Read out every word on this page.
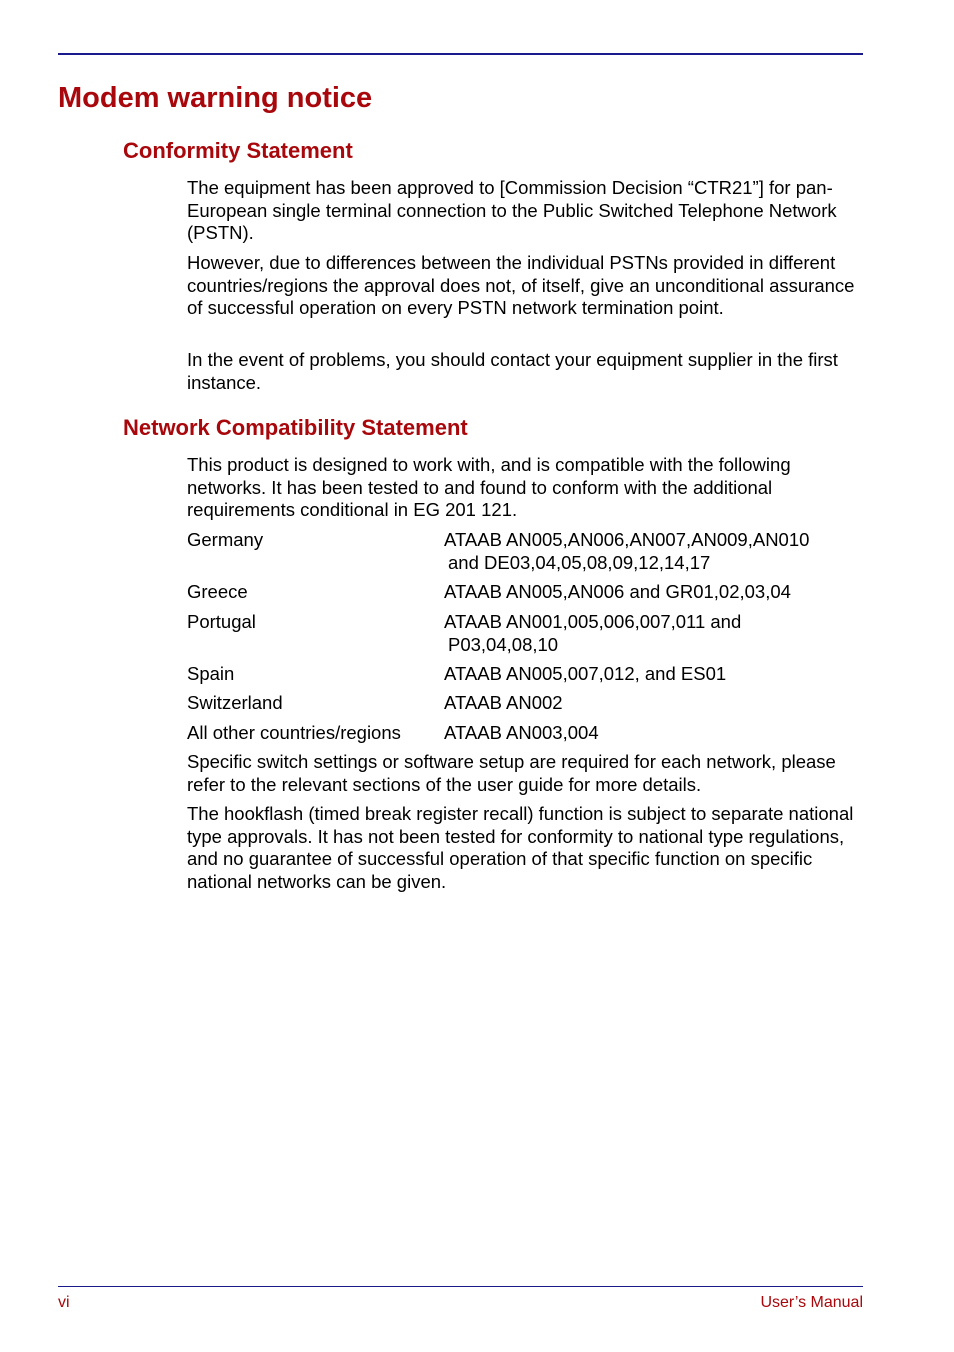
Modem warning notice
Conformity Statement

The equipment has been approved to [Commission Decision “CTR21”] for pan-European single terminal connection to the Public Switched Telephone Network (PSTN).

However, due to differences between the individual PSTNs provided in different countries/regions the approval does not, of itself, give an unconditional assurance of successful operation on every PSTN network termination point.

In the event of problems, you should contact your equipment supplier in the first instance.

Network Compatibility Statement

This product is designed to work with, and is compatible with the following networks. It has been tested to and found to conform with the additional requirements conditional in EG 201 121.

Germany	ATAAB AN005,AN006,AN007,AN009,AN010
and DE03,04,05,08,09,12,14,17
Greece	ATAAB AN005,AN006 and GR01,02,03,04
Portugal	ATAAB AN001,005,006,007,011 and
P03,04,08,10
Spain	ATAAB AN005,007,012, and ES01
Switzerland	ATAAB AN002
All other countries/regions ATAAB AN003,004

Specific switch settings or software setup are required for each network, please refer to the relevant sections of the user guide for more details.

The hookflash (timed break register recall) function is subject to separate national type approvals. It has not been tested for conformity to national type regulations, and no guarantee of successful operation of that specific function on specific national networks can be given.

vi	User’s Manual
